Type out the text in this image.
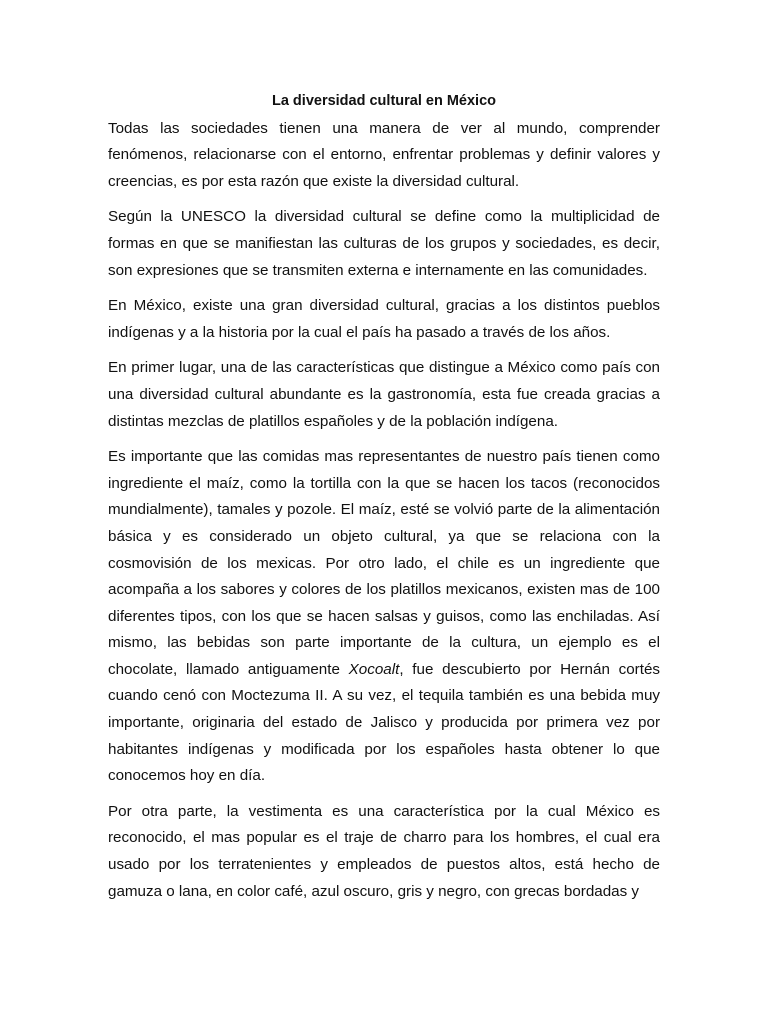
La diversidad cultural en México

Todas las sociedades tienen una manera de ver al mundo, comprender fenómenos, relacionarse con el entorno, enfrentar problemas y definir valores y creencias, es por esta razón que existe la diversidad cultural.

Según la UNESCO la diversidad cultural se define como la multiplicidad de formas en que se manifiestan las culturas de los grupos y sociedades, es decir, son expresiones que se transmiten externa e internamente en las comunidades.

En México, existe una gran diversidad cultural, gracias a los distintos pueblos indígenas y a la historia por la cual el país ha pasado a través de los años.

En primer lugar, una de las características que distingue a México como país con una diversidad cultural abundante es la gastronomía, esta fue creada gracias a distintas mezclas de platillos españoles y de la población indígena.

Es importante que las comidas mas representantes de nuestro país tienen como ingrediente el maíz, como la tortilla con la que se hacen los tacos (reconocidos mundialmente), tamales y pozole. El maíz, esté se volvió parte de la alimentación básica y es considerado un objeto cultural, ya que se relaciona con la cosmovisión de los mexicas. Por otro lado, el chile es un ingrediente que acompaña a los sabores y colores de los platillos mexicanos, existen mas de 100 diferentes tipos, con los que se hacen salsas y guisos, como las enchiladas. Así mismo, las bebidas son parte importante de la cultura, un ejemplo es el chocolate, llamado antiguamente Xocoalt, fue descubierto por Hernán cortés cuando cenó con Moctezuma II. A su vez, el tequila también es una bebida muy importante, originaria del estado de Jalisco y producida por primera vez por habitantes indígenas y modificada por los españoles hasta obtener lo que conocemos hoy en día.

Por otra parte, la vestimenta es una característica por la cual México es reconocido, el mas popular es el traje de charro para los hombres, el cual era usado por los terratenientes y empleados de puestos altos, está hecho de gamuza o lana, en color café, azul oscuro, gris y negro, con grecas bordadas y
